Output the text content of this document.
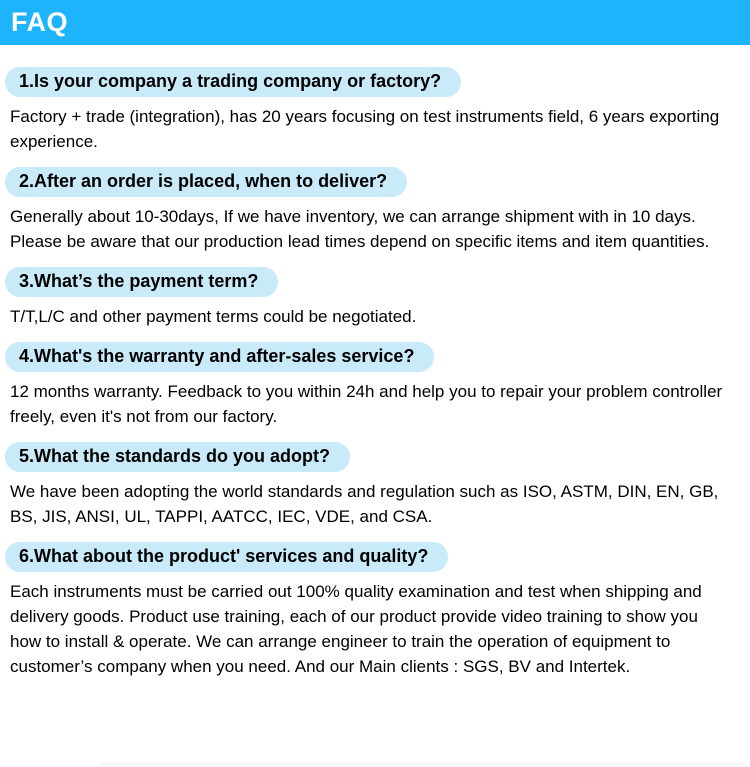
FAQ
1.Is your company a trading company or factory?

Factory + trade (integration), has 20 years focusing on test instruments field, 6 years exporting experience.

2.After an order is placed, when to deliver?

Generally about 10-30days, If we have inventory, we can arrange shipment with in 10 days. Please be aware that our production lead times depend on specific items and item quantities.

3.What’s the payment term?

T/T,L/C and other payment terms could be negotiated.

4.What's the warranty and after-sales service?

12 months warranty. Feedback to you within 24h and help you to repair your problem controller freely, even it's not from our factory.

5.What the standards do you adopt?

We have been adopting the world standards and regulation such as ISO, ASTM, DIN, EN, GB, BS, JIS, ANSI, UL, TAPPI, AATCC, IEC, VDE, and CSA.

6.What about the product' services and quality?

Each instruments must be carried out 100% quality examination and test when shipping and delivery goods. Product use training, each of our product provide video training to show you how to install & operate. We can arrange engineer to train the operation of equipment to customer’s company when you need. And our Main clients : SGS, BV and Intertek.
